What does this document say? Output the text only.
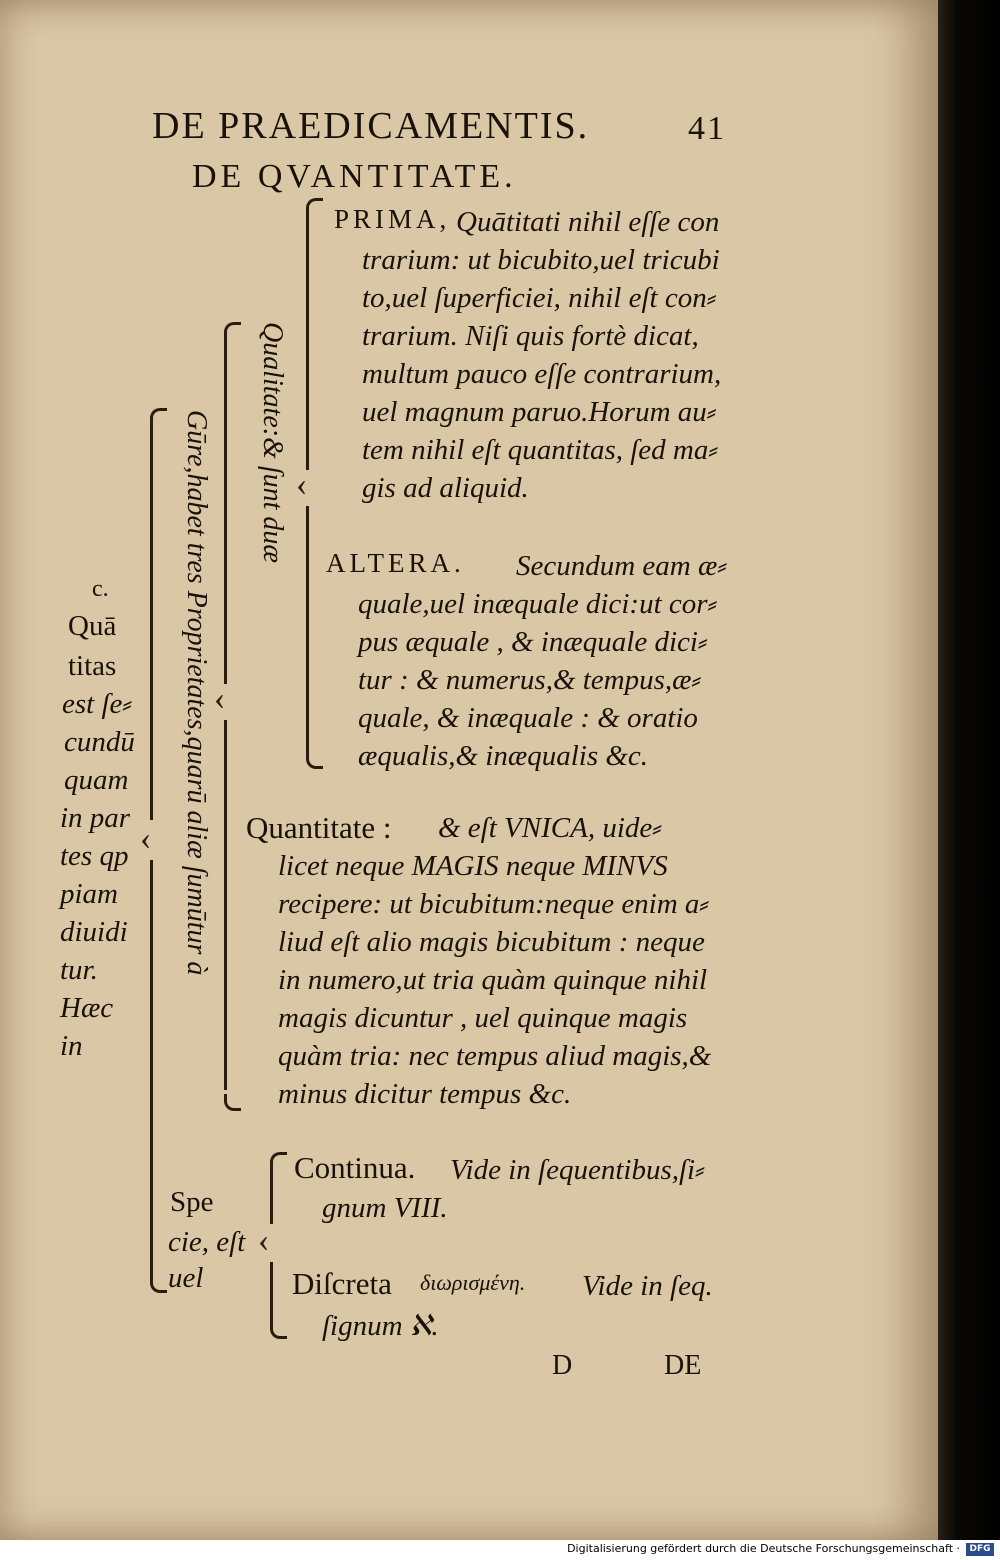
DE PRAEDICAMENTIS.	41
DE QVANTITATE.
c.
Quā
titas
est ſe⸗
cundū
quam
in par
tes qp
piam
diuidi
tur.
Hæc
in
‹ Gūre,habet tres Proprietates,quarū aliæ ſumūtur à ‹
Qualitate:& ſunt duæ ‹
PRIMA, Quātitati nihil eſſe con
trarium: ut bicubito,uel tricubi
to,uel ſuperficiei, nihil eſt con⸗
trarium. Niſi quis fortè dicat,
multum pauco eſſe contrarium,
uel magnum paruo.Horum au⸗
tem nihil eſt quantitas, ſed ma⸗
gis ad aliquid.
ALTERA. Secundum eam æ⸗
quale,uel inæquale dici:ut cor⸗
pus æquale , & inæquale dici⸗
tur : & numerus,& tempus,æ⸗
quale, & inæquale : & oratio
æqualis,& inæqualis &c.
Quantitate : & eſt VNICA, uide⸗
licet neque MAGIS neque MINVS
recipere: ut bicubitum:neque enim a⸗
liud eſt alio magis bicubitum : neque
in numero,ut tria quàm quinque nihil
magis dicuntur , uel quinque magis
quàm tria: nec tempus aliud magis,&
minus dicitur tempus &c.
Spe
cie, eſt
uel
‹
Continua. Vide in ſequentibus,ſi⸗
gnum VIII.
Diſcreta διωρισμένη. Vide in ſeq.
ſignum ℵ.
D	DE
Digitalisierung gefördert durch die Deutsche Forschungsgemeinschaft ·	DFG
